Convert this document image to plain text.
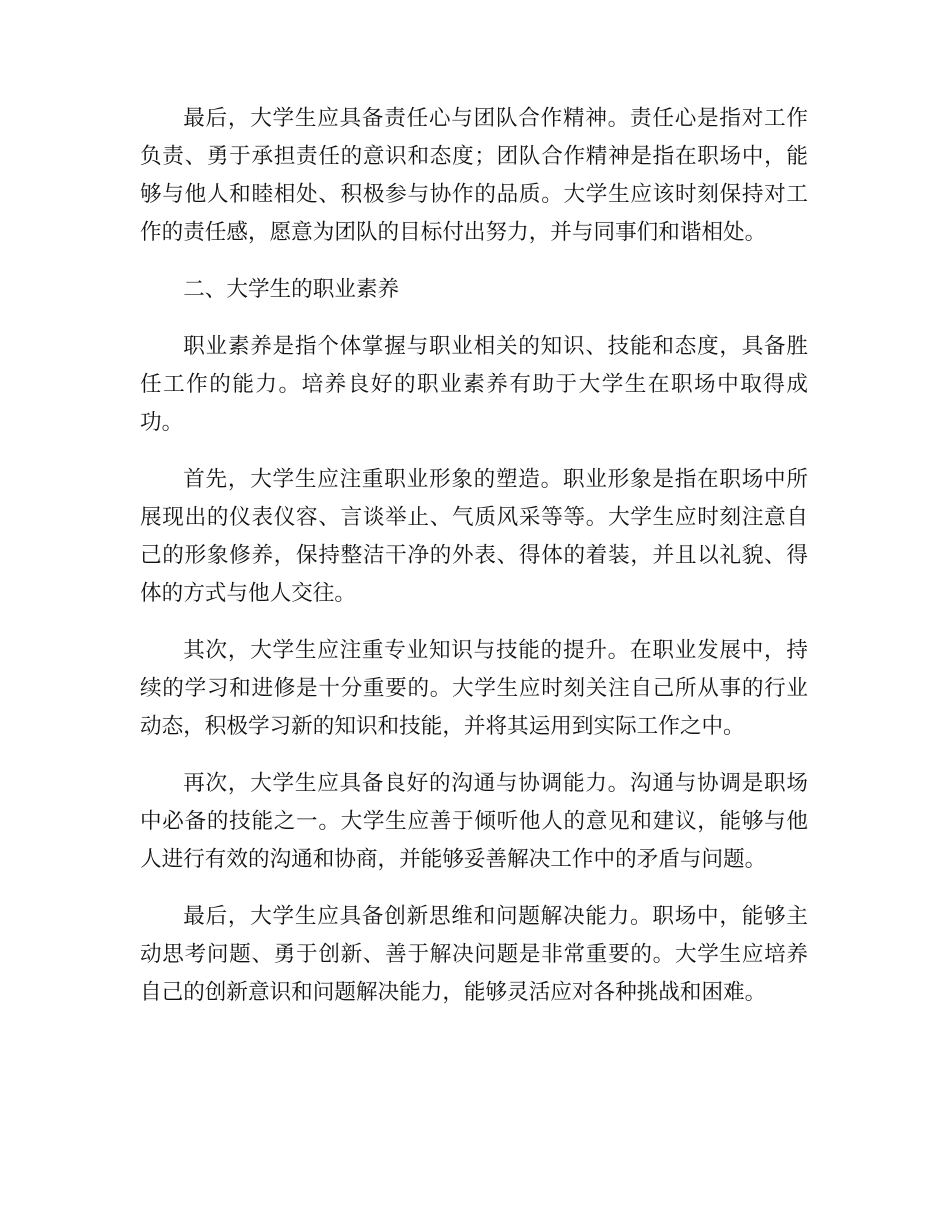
最后，大学生应具备责任心与团队合作精神。责任心是指对工作负责、勇于承担责任的意识和态度；团队合作精神是指在职场中，能够与他人和睦相处、积极参与协作的品质。大学生应该时刻保持对工作的责任感，愿意为团队的目标付出努力，并与同事们和谐相处。

二、大学生的职业素养

职业素养是指个体掌握与职业相关的知识、技能和态度，具备胜任工作的能力。培养良好的职业素养有助于大学生在职场中取得成功。

首先，大学生应注重职业形象的塑造。职业形象是指在职场中所展现出的仪表仪容、言谈举止、气质风采等等。大学生应时刻注意自己的形象修养，保持整洁干净的外表、得体的着装，并且以礼貌、得体的方式与他人交往。

其次，大学生应注重专业知识与技能的提升。在职业发展中，持续的学习和进修是十分重要的。大学生应时刻关注自己所从事的行业动态，积极学习新的知识和技能，并将其运用到实际工作之中。

再次，大学生应具备良好的沟通与协调能力。沟通与协调是职场中必备的技能之一。大学生应善于倾听他人的意见和建议，能够与他人进行有效的沟通和协商，并能够妥善解决工作中的矛盾与问题。

最后，大学生应具备创新思维和问题解决能力。职场中，能够主动思考问题、勇于创新、善于解决问题是非常重要的。大学生应培养自己的创新意识和问题解决能力，能够灵活应对各种挑战和困难。
